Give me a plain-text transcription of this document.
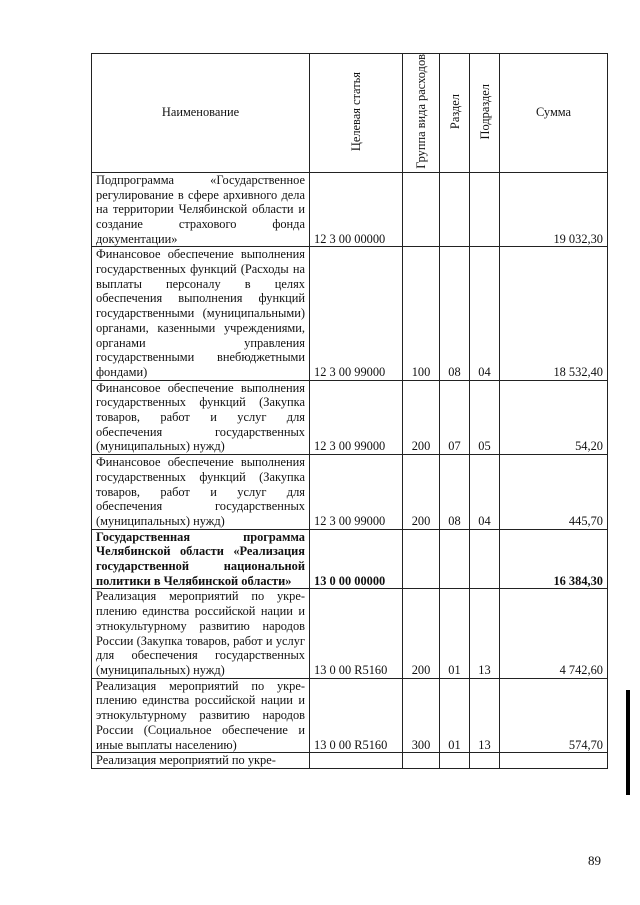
Наименование	Целевая статья	Группа вида расходов	Раздел	Подраздел	Сумма
Подпрограмма «Государственное регулирование в сфере архивного дела на территории Челябинской области и создание страхового фонда документации»	12 3 00 00000				19 032,30
Финансовое обеспечение выполнения государственных функций (Расходы на выплаты персоналу в целях обеспечения выполнения функций государственными (муниципальными) органами, казенными учреждениями, органами управления государственными внебюджетными фондами)	12 3 00 99000	100	08	04	18 532,40
Финансовое обеспечение выполнения государственных функций (Закупка товаров, работ и услуг для обеспечения государственных (муниципальных) нужд)	12 3 00 99000	200	07	05	54,20
Финансовое обеспечение выполнения государственных функций (Закупка товаров, работ и услуг для обеспечения государственных (муниципальных) нужд)	12 3 00 99000	200	08	04	445,70
Государственная программа Челябинской области «Реализация государственной национальной политики в Челябинской области»	13 0 00 00000				16 384,30
Реализация мероприятий по укреплению единства российской нации и этнокультурному развитию народов России (Закупка товаров, работ и услуг для обеспечения государственных (муниципальных) нужд)	13 0 00 R5160	200	01	13	4 742,60
Реализация мероприятий по укреплению единства российской нации и этнокультурному развитию народов России (Социальное обеспечение и иные выплаты населению)	13 0 00 R5160	300	01	13	574,70
Реализация мероприятий по укре-					
89
